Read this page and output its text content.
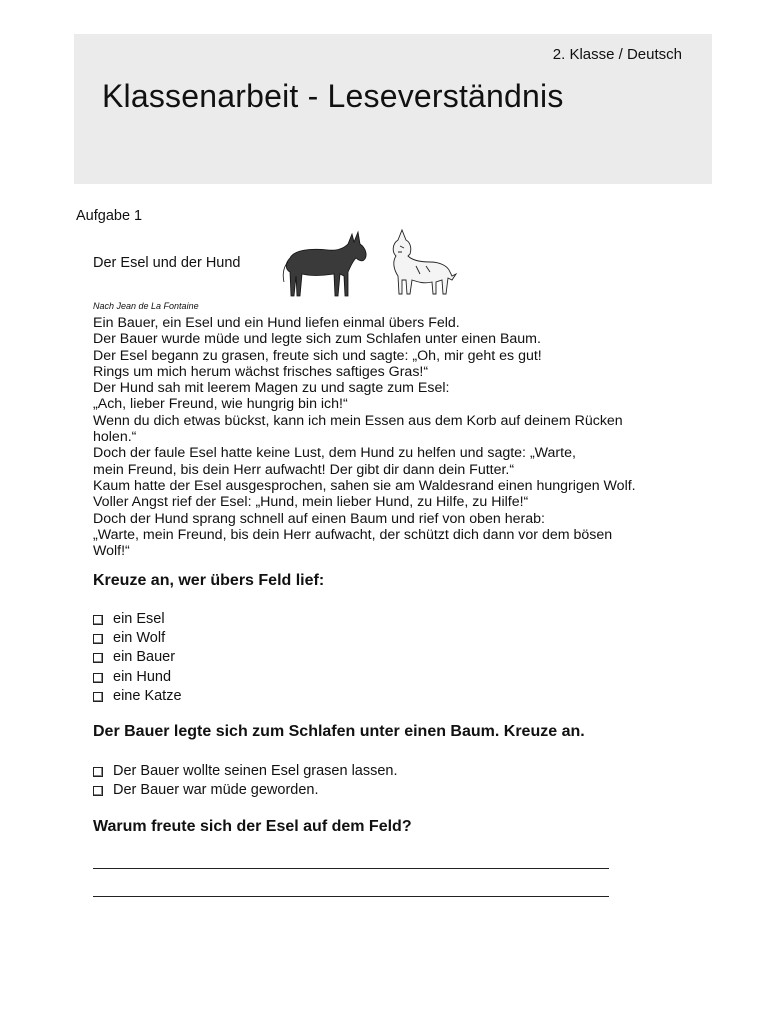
2. Klasse / Deutsch
Klassenarbeit - Leseverständnis
Aufgabe 1
Der Esel und der Hund
Nach Jean de La Fontaine
Ein Bauer, ein Esel und ein Hund liefen einmal übers Feld.
Der Bauer wurde müde und legte sich zum Schlafen unter einen Baum.
Der Esel begann zu grasen, freute sich und sagte: „Oh, mir geht es gut!
Rings um mich herum wächst frisches saftiges Gras!“
Der Hund sah mit leerem Magen zu und sagte zum Esel:
„Ach, lieber Freund, wie hungrig bin ich!“
Wenn du dich etwas bückst, kann ich mein Essen aus dem Korb auf deinem Rücken
holen.“
Doch der faule Esel hatte keine Lust, dem Hund zu helfen und sagte: „Warte,
mein Freund, bis dein Herr aufwacht! Der gibt dir dann dein Futter.“
Kaum hatte der Esel ausgesprochen, sahen sie am Waldesrand einen hungrigen Wolf.
Voller Angst rief der Esel: „Hund, mein lieber Hund, zu Hilfe, zu Hilfe!“
Doch der Hund sprang schnell auf einen Baum und rief von oben herab:
„Warte, mein Freund, bis dein Herr aufwacht, der schützt dich dann vor dem bösen
Wolf!“
Kreuze an, wer übers Feld lief:
ein Esel
ein Wolf
ein Bauer
ein Hund
eine Katze
Der Bauer legte sich zum Schlafen unter einen Baum. Kreuze an.
Der Bauer wollte seinen Esel grasen lassen.
Der Bauer war müde geworden.
Warum freute sich der Esel auf dem Feld?
